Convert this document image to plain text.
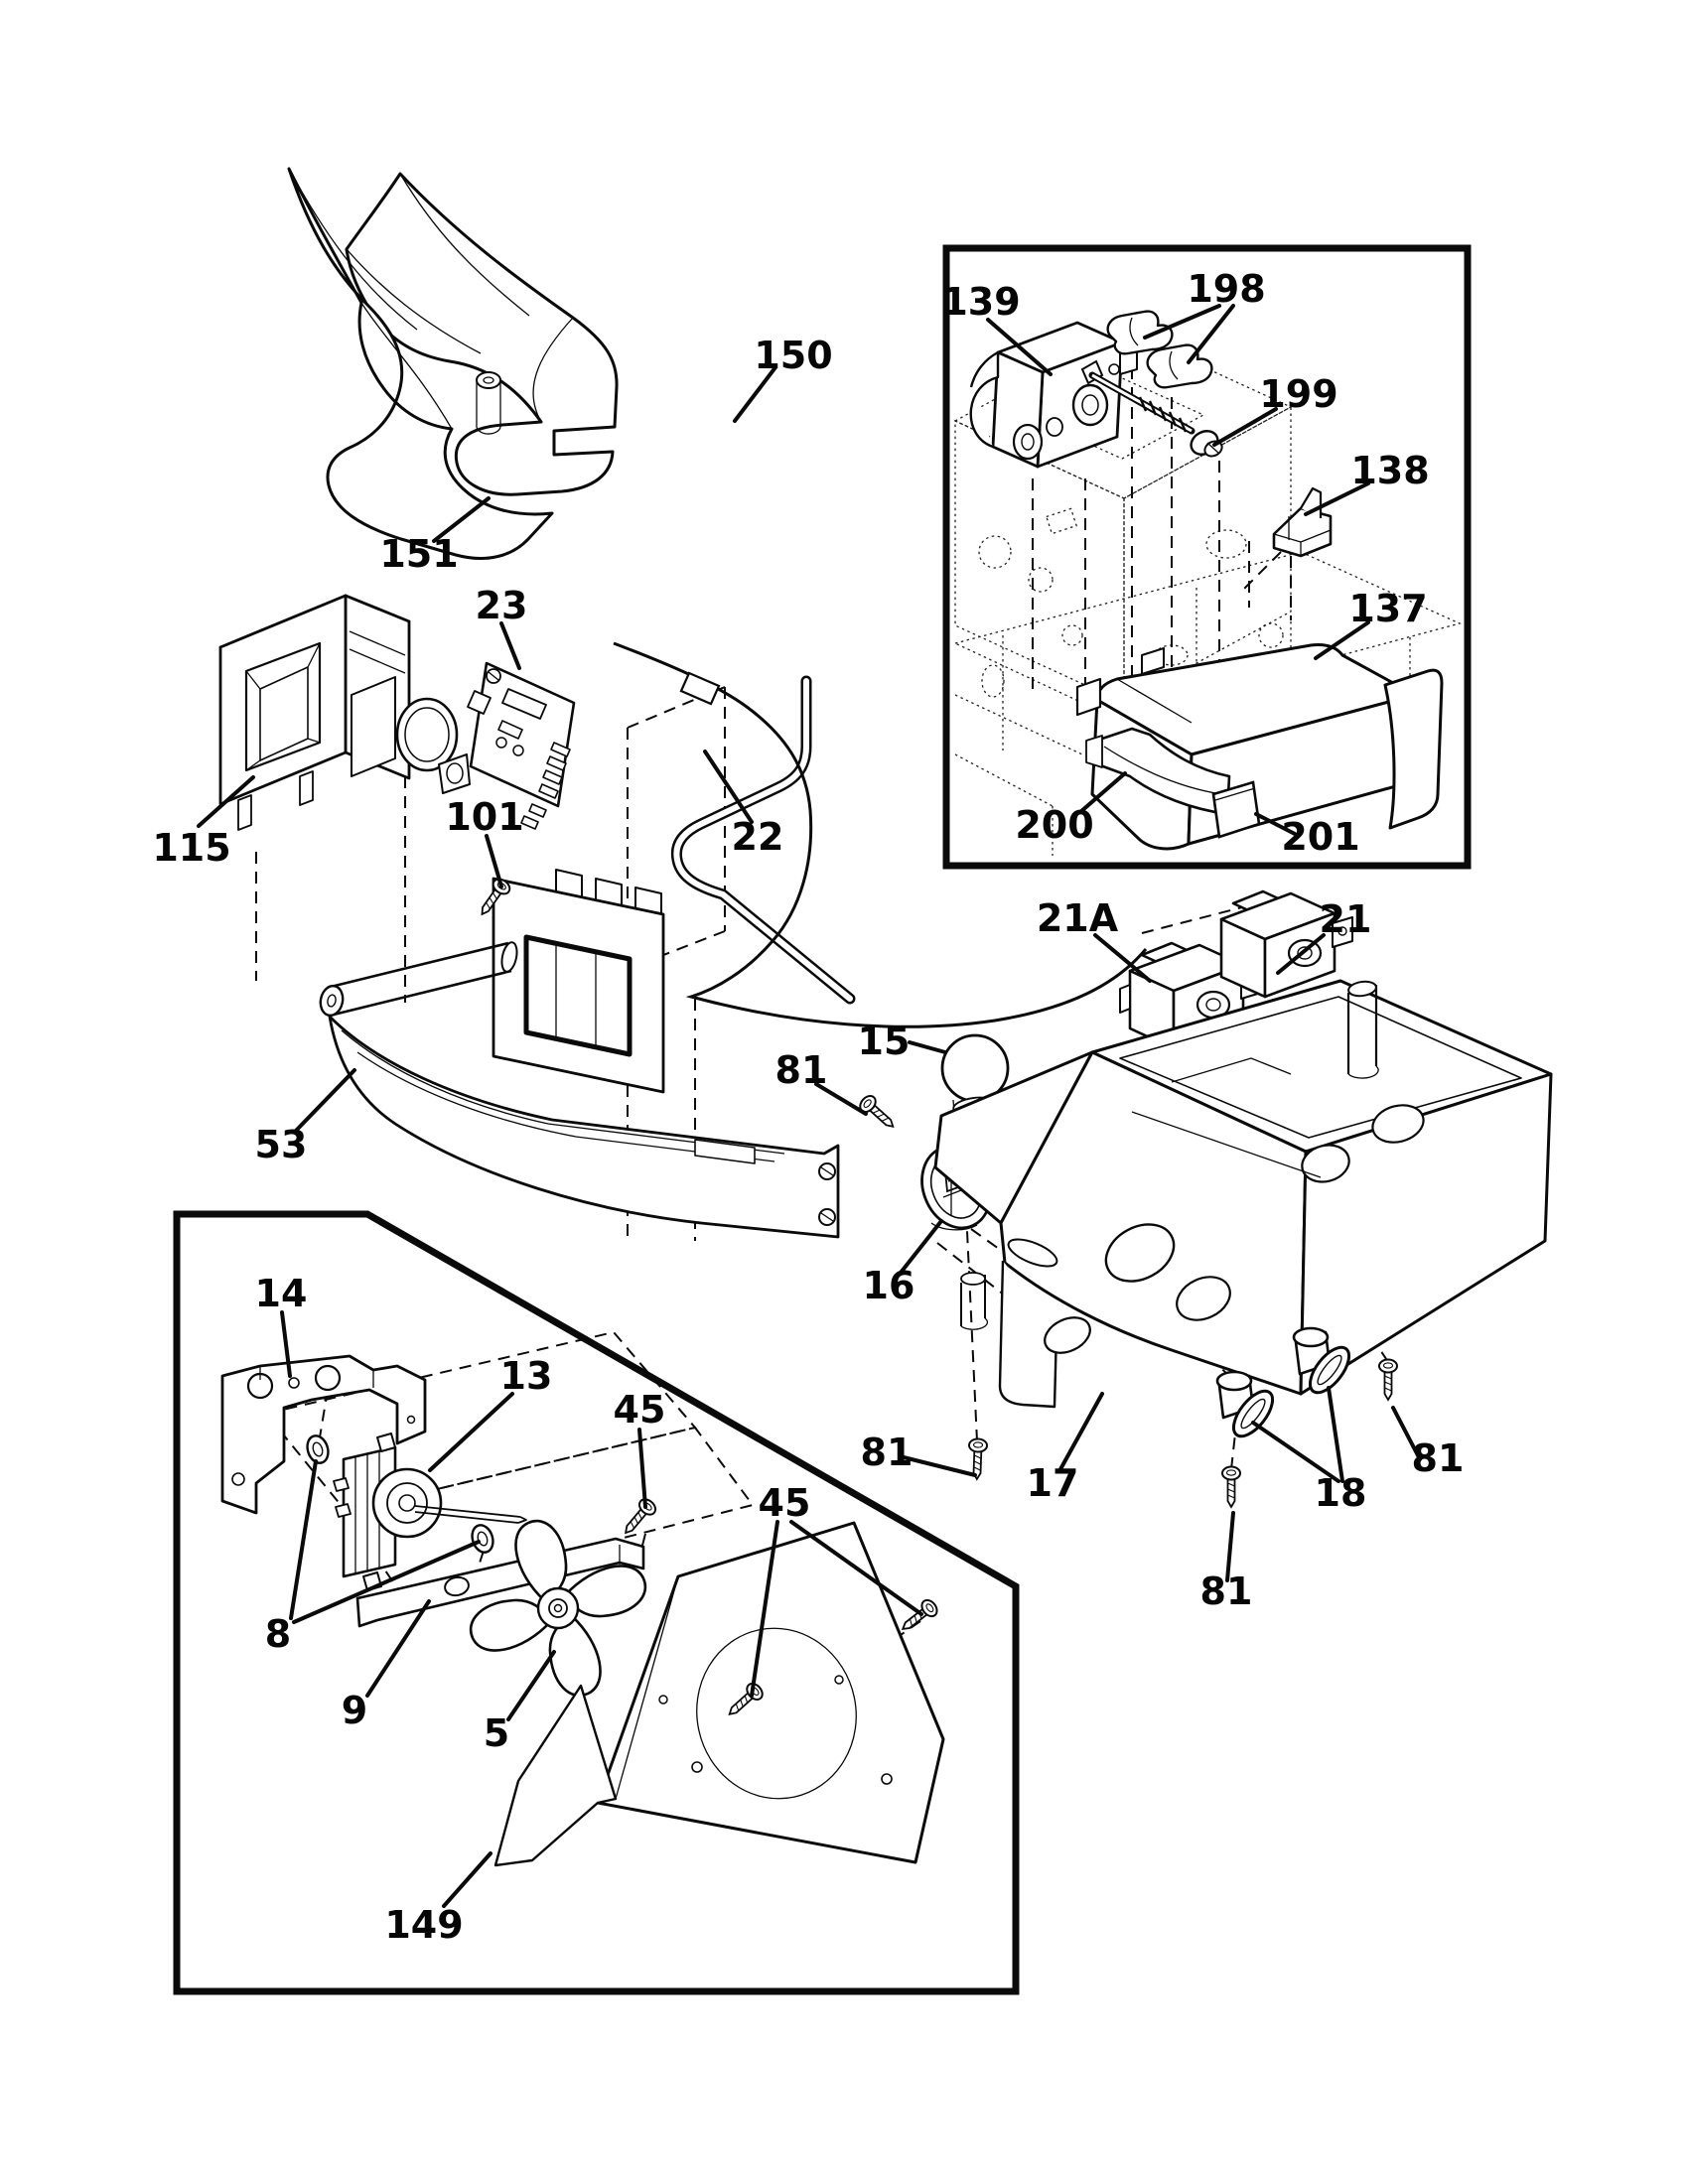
150
151
23
115
101	22
139	198
199
138
137
200	201
21A	21
15
81
16
53
17	18
81	81
81
14
13
45
45
8
9
5
149
